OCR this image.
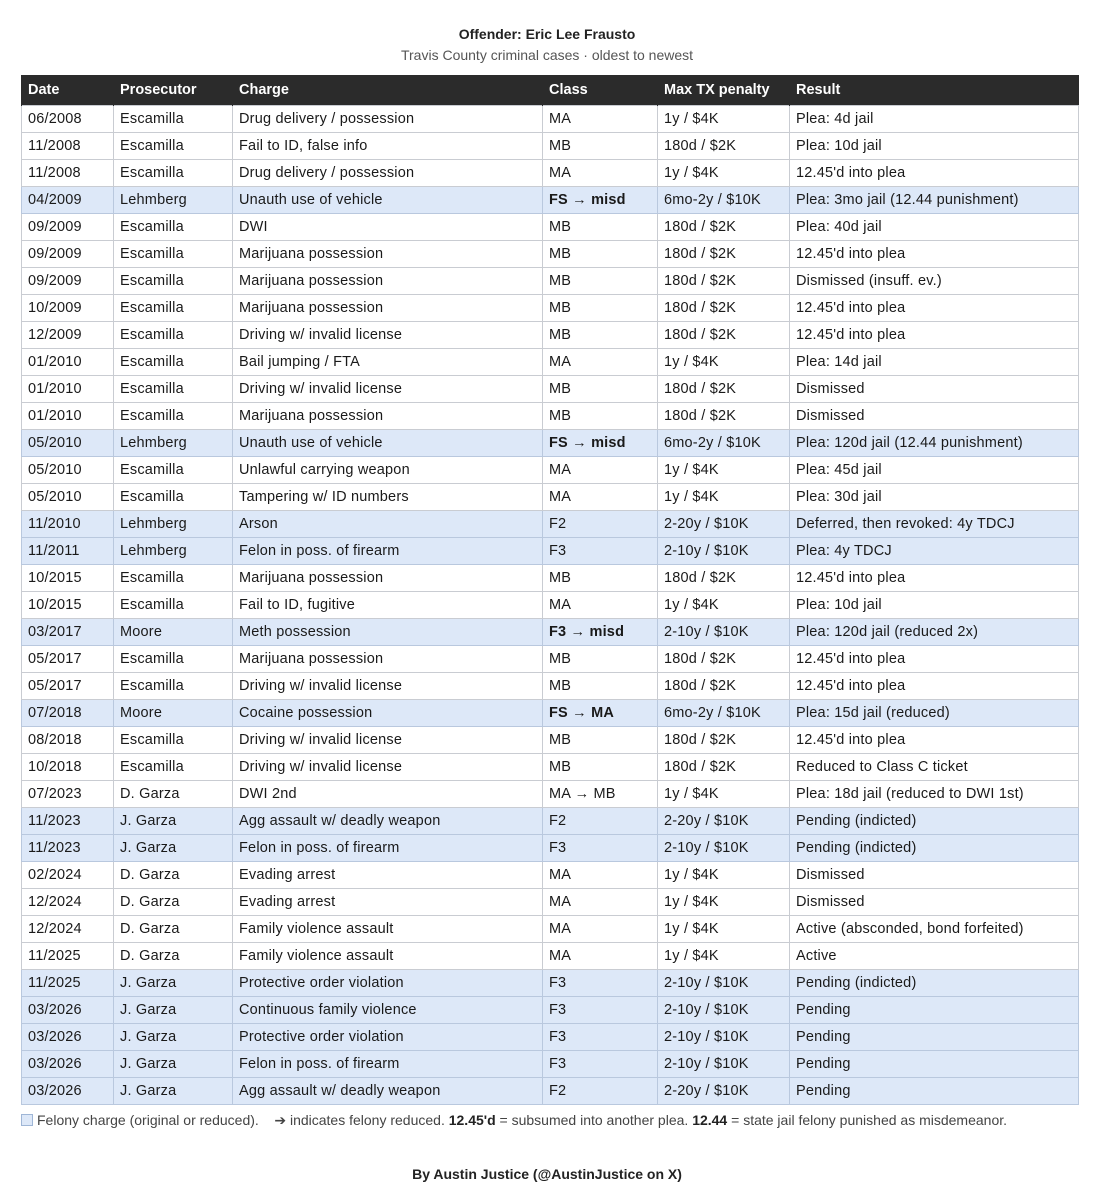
Offender: Eric Lee Frausto
Travis County criminal cases · oldest to newest
Date	Prosecutor	Charge	Class	Max TX penalty	Result
06/2008	Escamilla	Drug delivery / possession	MA	1y / $4K	Plea: 4d jail
11/2008	Escamilla	Fail to ID, false info	MB	180d / $2K	Plea: 10d jail
11/2008	Escamilla	Drug delivery / possession	MA	1y / $4K	12.45'd into plea
04/2009	Lehmberg	Unauth use of vehicle	FS → misd	6mo-2y / $10K	Plea: 3mo jail (12.44 punishment)
09/2009	Escamilla	DWI	MB	180d / $2K	Plea: 40d jail
09/2009	Escamilla	Marijuana possession	MB	180d / $2K	12.45'd into plea
09/2009	Escamilla	Marijuana possession	MB	180d / $2K	Dismissed (insuff. ev.)
10/2009	Escamilla	Marijuana possession	MB	180d / $2K	12.45'd into plea
12/2009	Escamilla	Driving w/ invalid license	MB	180d / $2K	12.45'd into plea
01/2010	Escamilla	Bail jumping / FTA	MA	1y / $4K	Plea: 14d jail
01/2010	Escamilla	Driving w/ invalid license	MB	180d / $2K	Dismissed
01/2010	Escamilla	Marijuana possession	MB	180d / $2K	Dismissed
05/2010	Lehmberg	Unauth use of vehicle	FS → misd	6mo-2y / $10K	Plea: 120d jail (12.44 punishment)
05/2010	Escamilla	Unlawful carrying weapon	MA	1y / $4K	Plea: 45d jail
05/2010	Escamilla	Tampering w/ ID numbers	MA	1y / $4K	Plea: 30d jail
11/2010	Lehmberg	Arson	F2	2-20y / $10K	Deferred, then revoked: 4y TDCJ
11/2011	Lehmberg	Felon in poss. of firearm	F3	2-10y / $10K	Plea: 4y TDCJ
10/2015	Escamilla	Marijuana possession	MB	180d / $2K	12.45'd into plea
10/2015	Escamilla	Fail to ID, fugitive	MA	1y / $4K	Plea: 10d jail
03/2017	Moore	Meth possession	F3 → misd	2-10y / $10K	Plea: 120d jail (reduced 2x)
05/2017	Escamilla	Marijuana possession	MB	180d / $2K	12.45'd into plea
05/2017	Escamilla	Driving w/ invalid license	MB	180d / $2K	12.45'd into plea
07/2018	Moore	Cocaine possession	FS → MA	6mo-2y / $10K	Plea: 15d jail (reduced)
08/2018	Escamilla	Driving w/ invalid license	MB	180d / $2K	12.45'd into plea
10/2018	Escamilla	Driving w/ invalid license	MB	180d / $2K	Reduced to Class C ticket
07/2023	D. Garza	DWI 2nd	MA → MB	1y / $4K	Plea: 18d jail (reduced to DWI 1st)
11/2023	J. Garza	Agg assault w/ deadly weapon	F2	2-20y / $10K	Pending (indicted)
11/2023	J. Garza	Felon in poss. of firearm	F3	2-10y / $10K	Pending (indicted)
02/2024	D. Garza	Evading arrest	MA	1y / $4K	Dismissed
12/2024	D. Garza	Evading arrest	MA	1y / $4K	Dismissed
12/2024	D. Garza	Family violence assault	MA	1y / $4K	Active (absconded, bond forfeited)
11/2025	D. Garza	Family violence assault	MA	1y / $4K	Active
11/2025	J. Garza	Protective order violation	F3	2-10y / $10K	Pending (indicted)
03/2026	J. Garza	Continuous family violence	F3	2-10y / $10K	Pending
03/2026	J. Garza	Protective order violation	F3	2-10y / $10K	Pending
03/2026	J. Garza	Felon in poss. of firearm	F3	2-10y / $10K	Pending
03/2026	J. Garza	Agg assault w/ deadly weapon	F2	2-20y / $10K	Pending
Felony charge (original or reduced). ➔ indicates felony reduced. 12.45'd = subsumed into another plea. 12.44 = state jail felony punished as misdemeanor.
By Austin Justice (@AustinJustice on X)
